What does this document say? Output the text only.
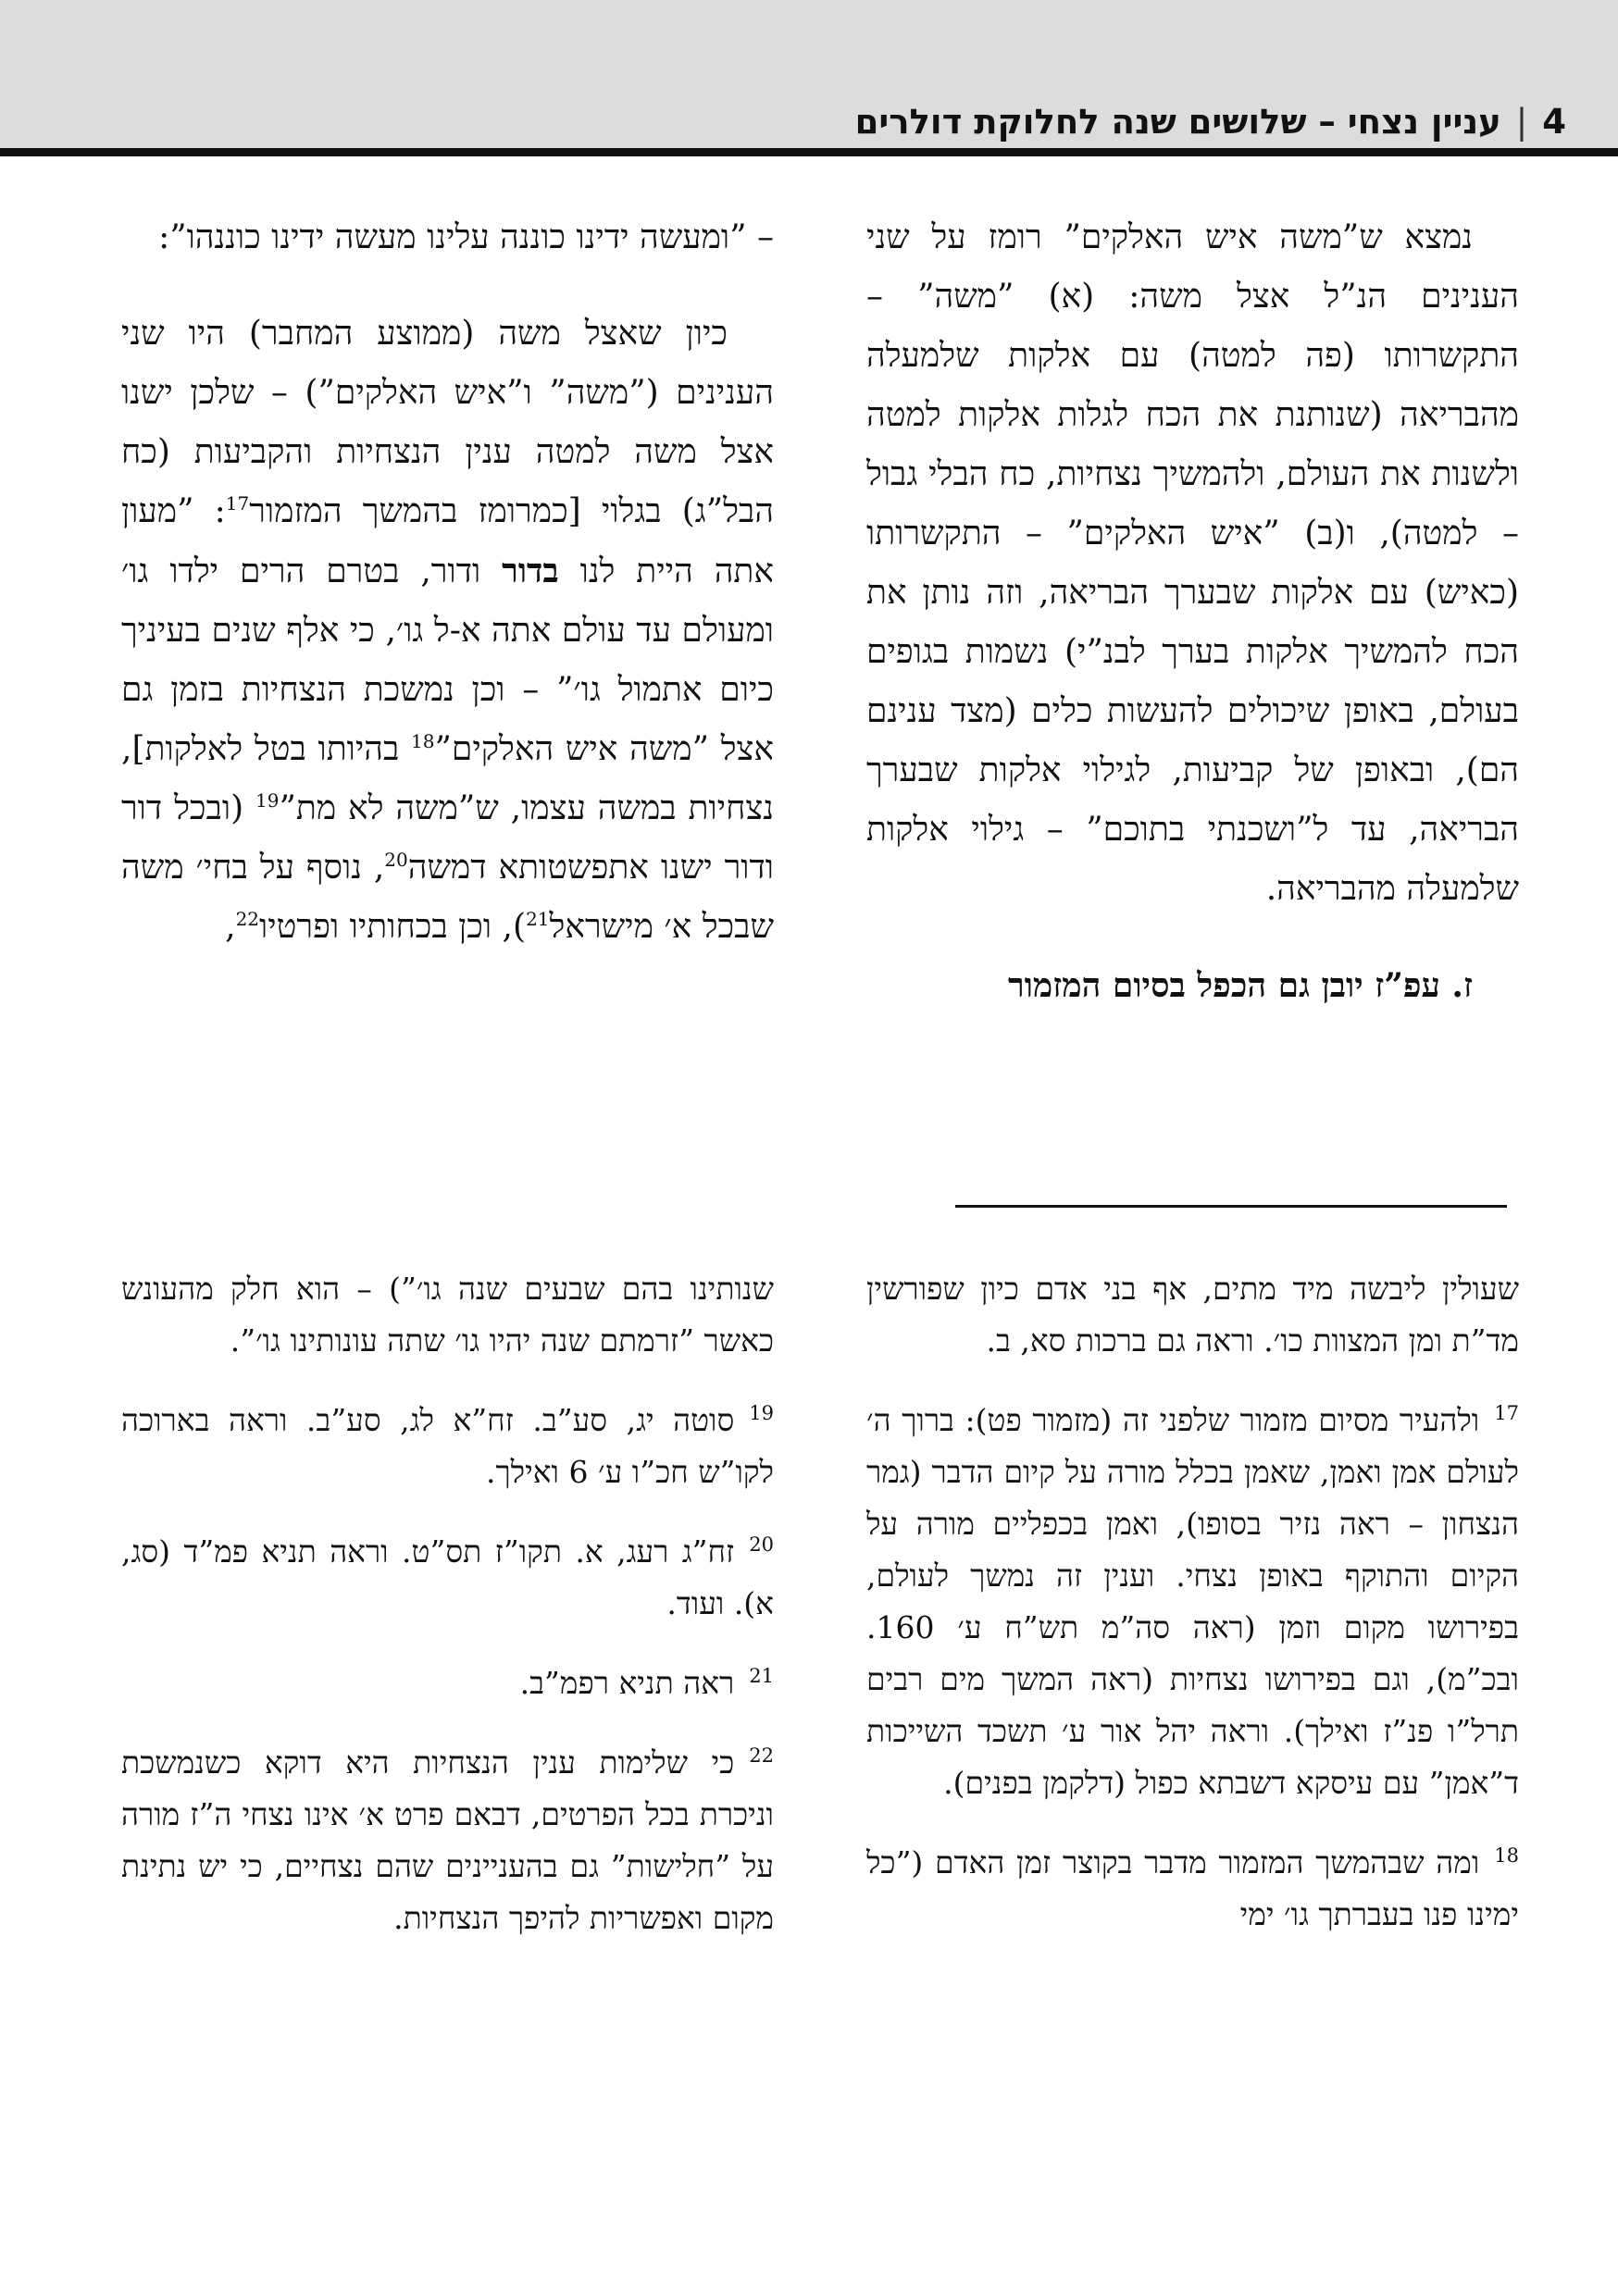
4
|
עניין נצחי – שלושים שנה לחלוקת דולרים

נמצא ש”משה איש האלקים” רומז על שני הענינים הנ”ל אצל משה: (א) ”משה” – התקשרותו (פה למטה) עם אלקות שלמעלה מהבריאה (שנותנת את הכח לגלות אלקות למטה ולשנות את העולם, ולהמשיך נצחיות, כח הבלי גבול – למטה), ו(ב) ”איש האלקים” – התקשרותו (כאיש) עם אלקות שבערך הבריאה, וזה נותן את הכח להמשיך אלקות בערך לבנ”י) נשמות בגופים בעולם, באופן שיכולים להעשות כלים (מצד ענינם הם), ובאופן של קביעות, לגילוי אלקות שבערך הבריאה, עד ל”ושכנתי בתוכם” – גילוי אלקות שלמעלה מהבריאה.

ז. עפ”ז יובן גם הכפל בסיום המזמור

– ”ומעשה ידינו כוננה עלינו מעשה ידינו כוננהו”:

כיון שאצל משה (ממוצע המחבר) היו שני הענינים (”משה” ו”איש האלקים”) – שלכן ישנו אצל משה למטה ענין הנצחיות והקביעות (כח הבל”ג) בגלוי [כמרומז בהמשך המזמור$^{17}$: ”מעון אתה היית לנו בדור ודור, בטרם הרים ילדו גו׳ ומעולם עד עולם אתה א-ל גו׳, כי אלף שנים בעיניך כיום אתמול גו׳” – וכן נמשכת הנצחיות בזמן גם אצל ”משה איש האלקים”$^{18}$ בהיותו בטל לאלקות], נצחיות במשה עצמו, ש”משה לא מת”$^{19}$ (ובכל דור ודור ישנו אתפשטותא דמשה$^{20}$, נוסף על בחי׳ משה שבכל א׳ מישראל$^{21}$), וכן בכחותיו ופרטיו$^{22}$,

שעולין ליבשה מיד מתים, אף בני אדם כיון שפורשין מד”ת ומן המצוות כו׳. וראה גם ברכות סא, ב.

$^{17}$ולהעיר מסיום מזמור שלפני זה (מזמור פט): ברוך ה׳ לעולם אמן ואמן, שאמן בכלל מורה על קיום הדבר (גמר הנצחון – ראה נזיר בסופו), ואמן בכפליים מורה על הקיום והתוקף באופן נצחי. וענין זה נמשך לעולם, בפירושו מקום וזמן (ראה סה”מ תש”ח ע׳ 160. ובכ”מ), וגם בפירושו נצחיות (ראה המשך מים רבים תרל”ו פנ”ז ואילך). וראה יהל אור ע׳ תשכד השייכות ד”אמן” עם עיסקא דשבתא כפול (דלקמן בפנים).

$^{18}$ומה שבהמשך המזמור מדבר בקוצר זמן האדם (”כל ימינו פנו בעברתך גו׳ ימי

שנותינו בהם שבעים שנה גו׳”) – הוא חלק מהעונש כאשר ”זרמתם שנה יהיו גו׳ שתה עונותינו גו׳”.

$^{19}$סוטה יג, סע”ב. זח”א לג, סע”ב. וראה בארוכה לקו”ש חכ”ו ע׳ 6 ואילך.

$^{20}$זח”ג רעג, א. תקו”ז תס”ט. וראה תניא פמ”ד (סג, א). ועוד.

$^{21}$ראה תניא רפמ”ב.

$^{22}$כי שלימות ענין הנצחיות היא דוקא כשנמשכת וניכרת בכל הפרטים, דבאם פרט א׳ אינו נצחי ה”ז מורה על ”חלישות” גם בהעניינים שהם נצחיים, כי יש נתינת מקום ואפשריות להיפך הנצחיות.
